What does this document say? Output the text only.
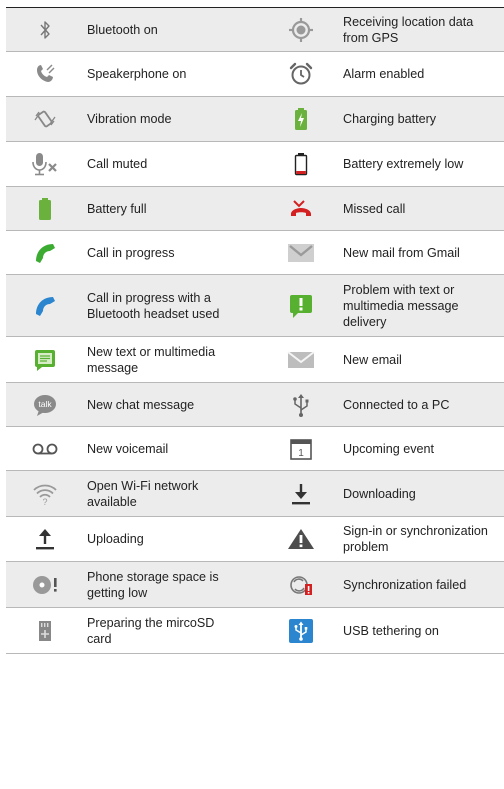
	Bluetooth on		Receiving location data
from GPS
	Speakerphone on		Alarm enabled
	Vibration mode		Charging battery
	Call muted		Battery extremely low
	Battery full		Missed call
	Call in progress		New mail from Gmail
	Call in progress with a
Bluetooth headset used		Problem with text or
multimedia message
delivery
	New text or multimedia
message		New email

talk	New chat message		Connected to a PC
	New voicemail	1	Upcoming event

?	Open Wi-Fi network
available		Downloading
	Uploading		Sign-in or synchronization
problem
	Phone storage space is
getting low		Synchronization failed
	Preparing the mircoSD
card		USB tethering on
